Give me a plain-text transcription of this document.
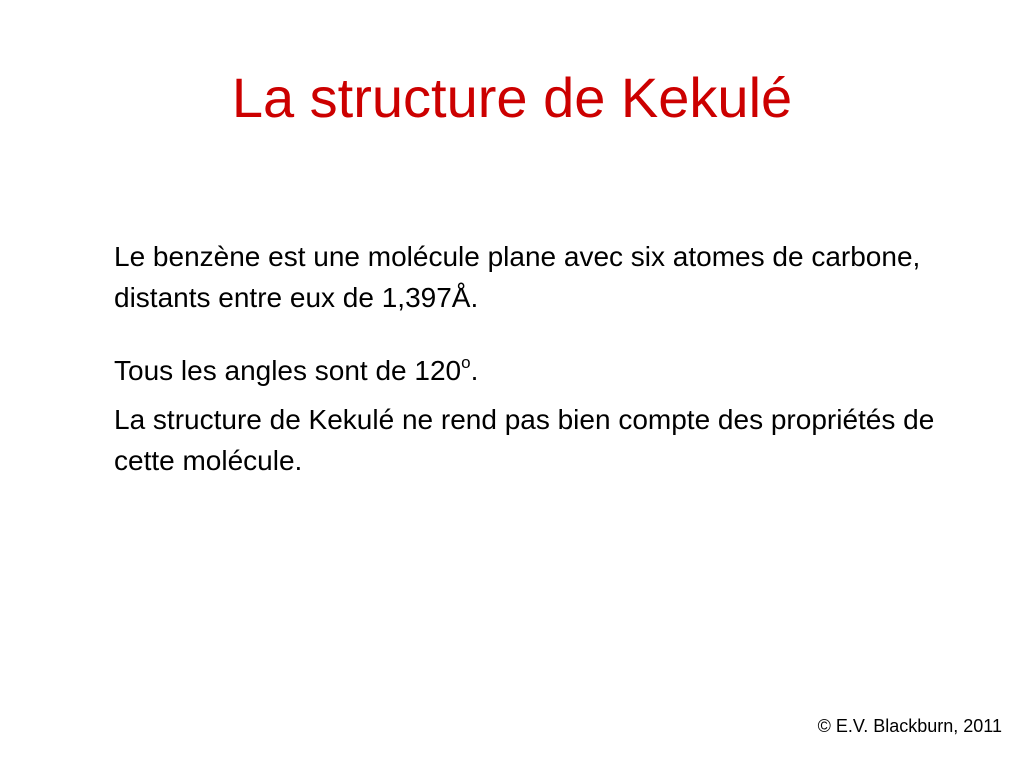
La structure de Kekulé

Le benzène est une molécule plane avec six atomes de carbone, distants entre eux de 1,397Å.

Tous les angles sont de 120$^o$.

La structure de Kekulé ne rend pas bien compte des propriétés de cette molécule.

© E.V. Blackburn, 2011
